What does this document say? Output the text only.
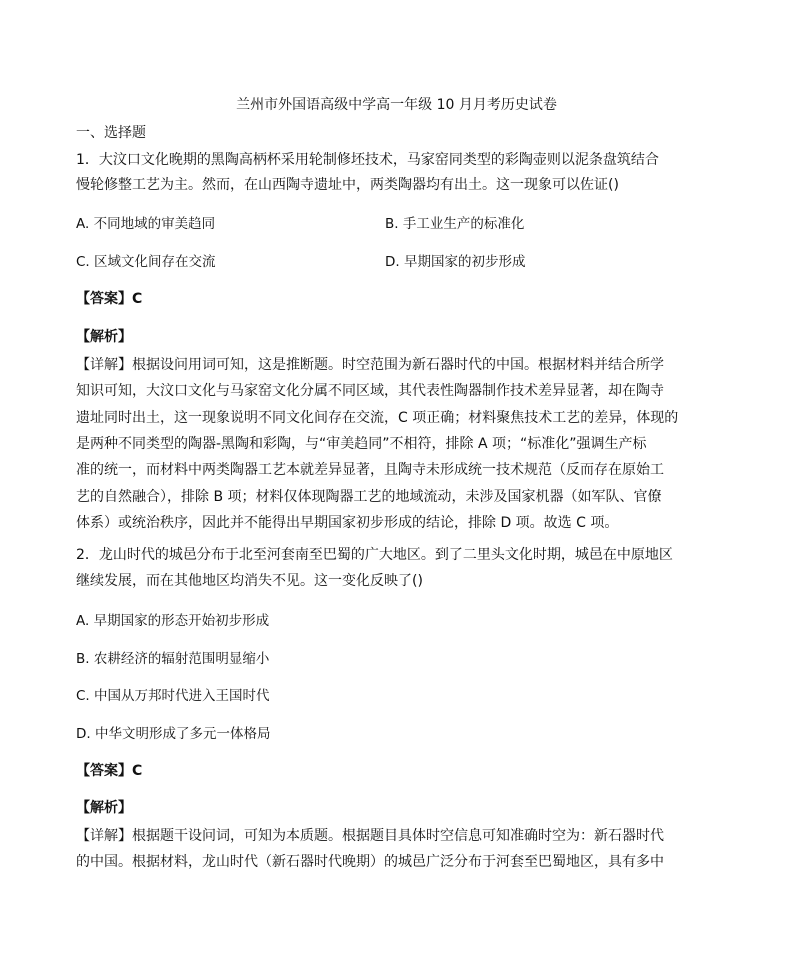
兰州市外国语高级中学高一年级 10 月月考历史试卷
一、选择题
1．大汶口文化晚期的黑陶高柄杯采用轮制修坯技术，马家窑同类型的彩陶壶则以泥条盘筑结合
慢轮修整工艺为主。然而，在山西陶寺遗址中，两类陶器均有出土。这一现象可以佐证()
A. 不同地域的审美趋同	B. 手工业生产的标准化
C. 区域文化间存在交流	D. 早期国家的初步形成
【答案】C
【解析】
【详解】根据设问用词可知，这是推断题。时空范围为新石器时代的中国。根据材料并结合所学
知识可知，大汶口文化与马家窑文化分属不同区域，其代表性陶器制作技术差异显著，却在陶寺
遗址同时出土，这一现象说明不同文化间存在交流，C 项正确；材料聚焦技术工艺的差异，体现的
是两种不同类型的陶器-黑陶和彩陶，与“审美趋同”不相符，排除 A 项；“标准化”强调生产标
准的统一，而材料中两类陶器工艺本就差异显著，且陶寺未形成统一技术规范（反而存在原始工
艺的自然融合），排除 B 项；材料仅体现陶器工艺的地域流动，未涉及国家机器（如军队、官僚
体系）或统治秩序，因此并不能得出早期国家初步形成的结论，排除 D 项。故选 C 项。
2．龙山时代的城邑分布于北至河套南至巴蜀的广大地区。到了二里头文化时期，城邑在中原地区
继续发展，而在其他地区均消失不见。这一变化反映了()
A. 早期国家的形态开始初步形成
B. 农耕经济的辐射范围明显缩小
C. 中国从万邦时代进入王国时代
D. 中华文明形成了多元一体格局
【答案】C
【解析】
【详解】根据题干设问词，可知为本质题。根据题目具体时空信息可知准确时空为：新石器时代
的中国。根据材料，龙山时代（新石器时代晚期）的城邑广泛分布于河套至巴蜀地区，具有多中
